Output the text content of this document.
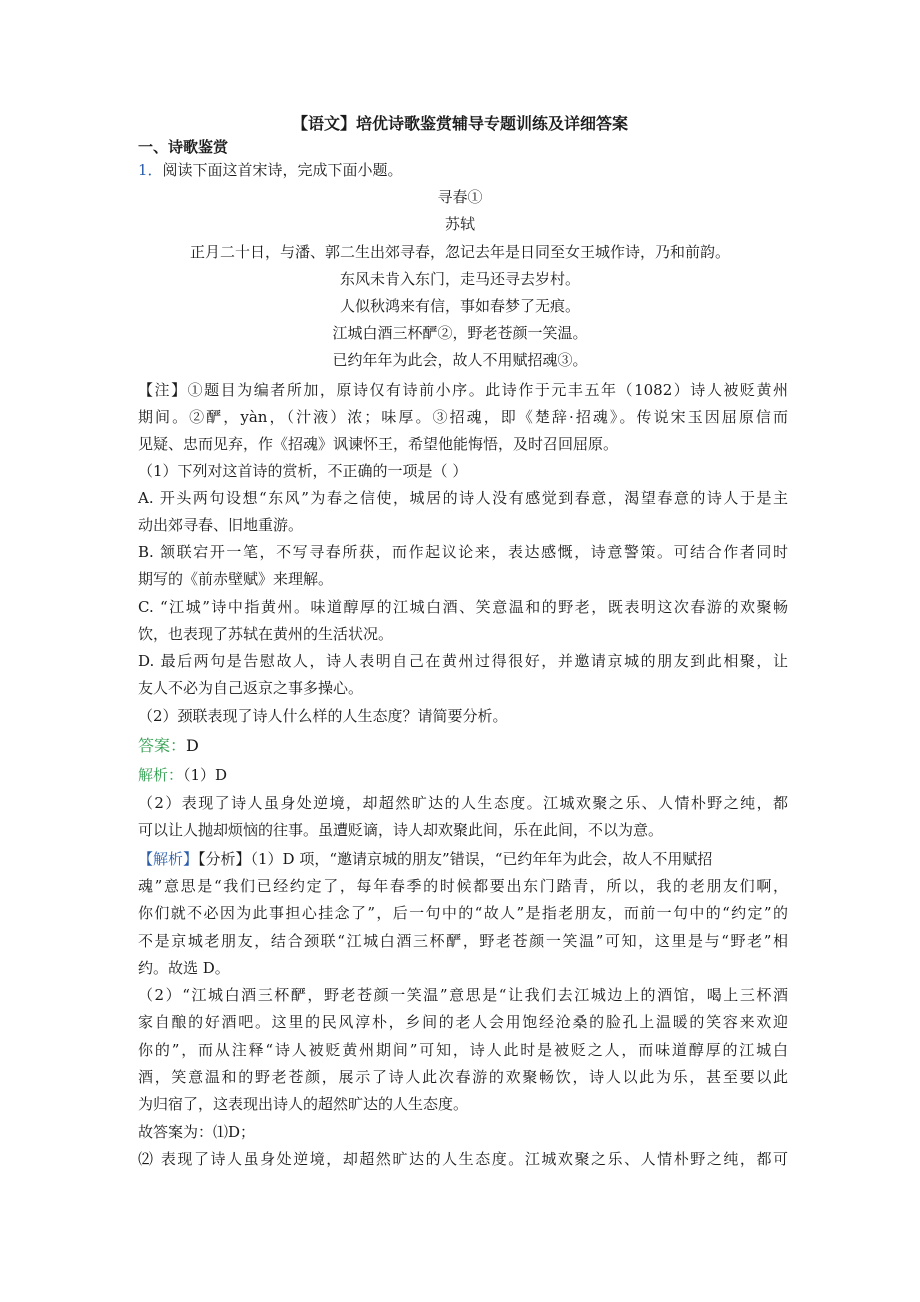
【语文】培优诗歌鉴赏辅导专题训练及详细答案
一、诗歌鉴赏
1．阅读下面这首宋诗，完成下面小题。
寻春①
苏轼
正月二十日，与潘、郭二生出郊寻春，忽记去年是日同至女王城作诗，乃和前韵。
东风未肯入东门，走马还寻去岁村。
人似秋鸿来有信，事如春梦了无痕。
江城白酒三杯酽②，野老苍颜一笑温。
已约年年为此会，故人不用赋招魂③。
【注】①题目为编者所加，原诗仅有诗前小序。此诗作于元丰五年（1082）诗人被贬黄州
期间。②酽，yàn，（汁液）浓；味厚。③招魂，即《楚辞·招魂》。传说宋玉因屈原信而
见疑、忠而见弃，作《招魂》讽谏怀王，希望他能悔悟，及时召回屈原。
（1）下列对这首诗的赏析，不正确的一项是（ ）
A. 开头两句设想“东风”为春之信使，城居的诗人没有感觉到春意，渴望春意的诗人于是主
动出郊寻春、旧地重游。
B. 颔联宕开一笔，不写寻春所获，而作起议论来，表达感慨，诗意警策。可结合作者同时
期写的《前赤壁赋》来理解。
C. “江城”诗中指黄州。味道醇厚的江城白酒、笑意温和的野老，既表明这次春游的欢聚畅
饮，也表现了苏轼在黄州的生活状况。
D. 最后两句是告慰故人，诗人表明自己在黄州过得很好，并邀请京城的朋友到此相聚，让
友人不必为自己返京之事多操心。
（2）颈联表现了诗人什么样的人生态度？请简要分析。
答案：D
解析：（1）D
（2）表现了诗人虽身处逆境，却超然旷达的人生态度。江城欢聚之乐、人情朴野之纯，都
可以让人抛却烦恼的往事。虽遭贬谪，诗人却欢聚此间，乐在此间，不以为意。
【解析】【分析】（1）D 项，“邀请京城的朋友”错误，“已约年年为此会，故人不用赋招
魂”意思是“我们已经约定了，每年春季的时候都要出东门踏青，所以，我的老朋友们啊，
你们就不必因为此事担心挂念了”，后一句中的“故人”是指老朋友，而前一句中的“约定”的
不是京城老朋友，结合颈联“江城白酒三杯酽，野老苍颜一笑温”可知，这里是与“野老”相
约。故选 D。
（2）“江城白酒三杯酽，野老苍颜一笑温”意思是“让我们去江城边上的酒馆，喝上三杯酒
家自酿的好酒吧。这里的民风淳朴，乡间的老人会用饱经沧桑的脸孔上温暖的笑容来欢迎
你的”，而从注释“诗人被贬黄州期间”可知，诗人此时是被贬之人，而味道醇厚的江城白
酒，笑意温和的野老苍颜，展示了诗人此次春游的欢聚畅饮，诗人以此为乐，甚至要以此
为归宿了，这表现出诗人的超然旷达的人生态度。
故答案为：⑴D；
⑵ 表现了诗人虽身处逆境，却超然旷达的人生态度。江城欢聚之乐、人情朴野之纯，都可
